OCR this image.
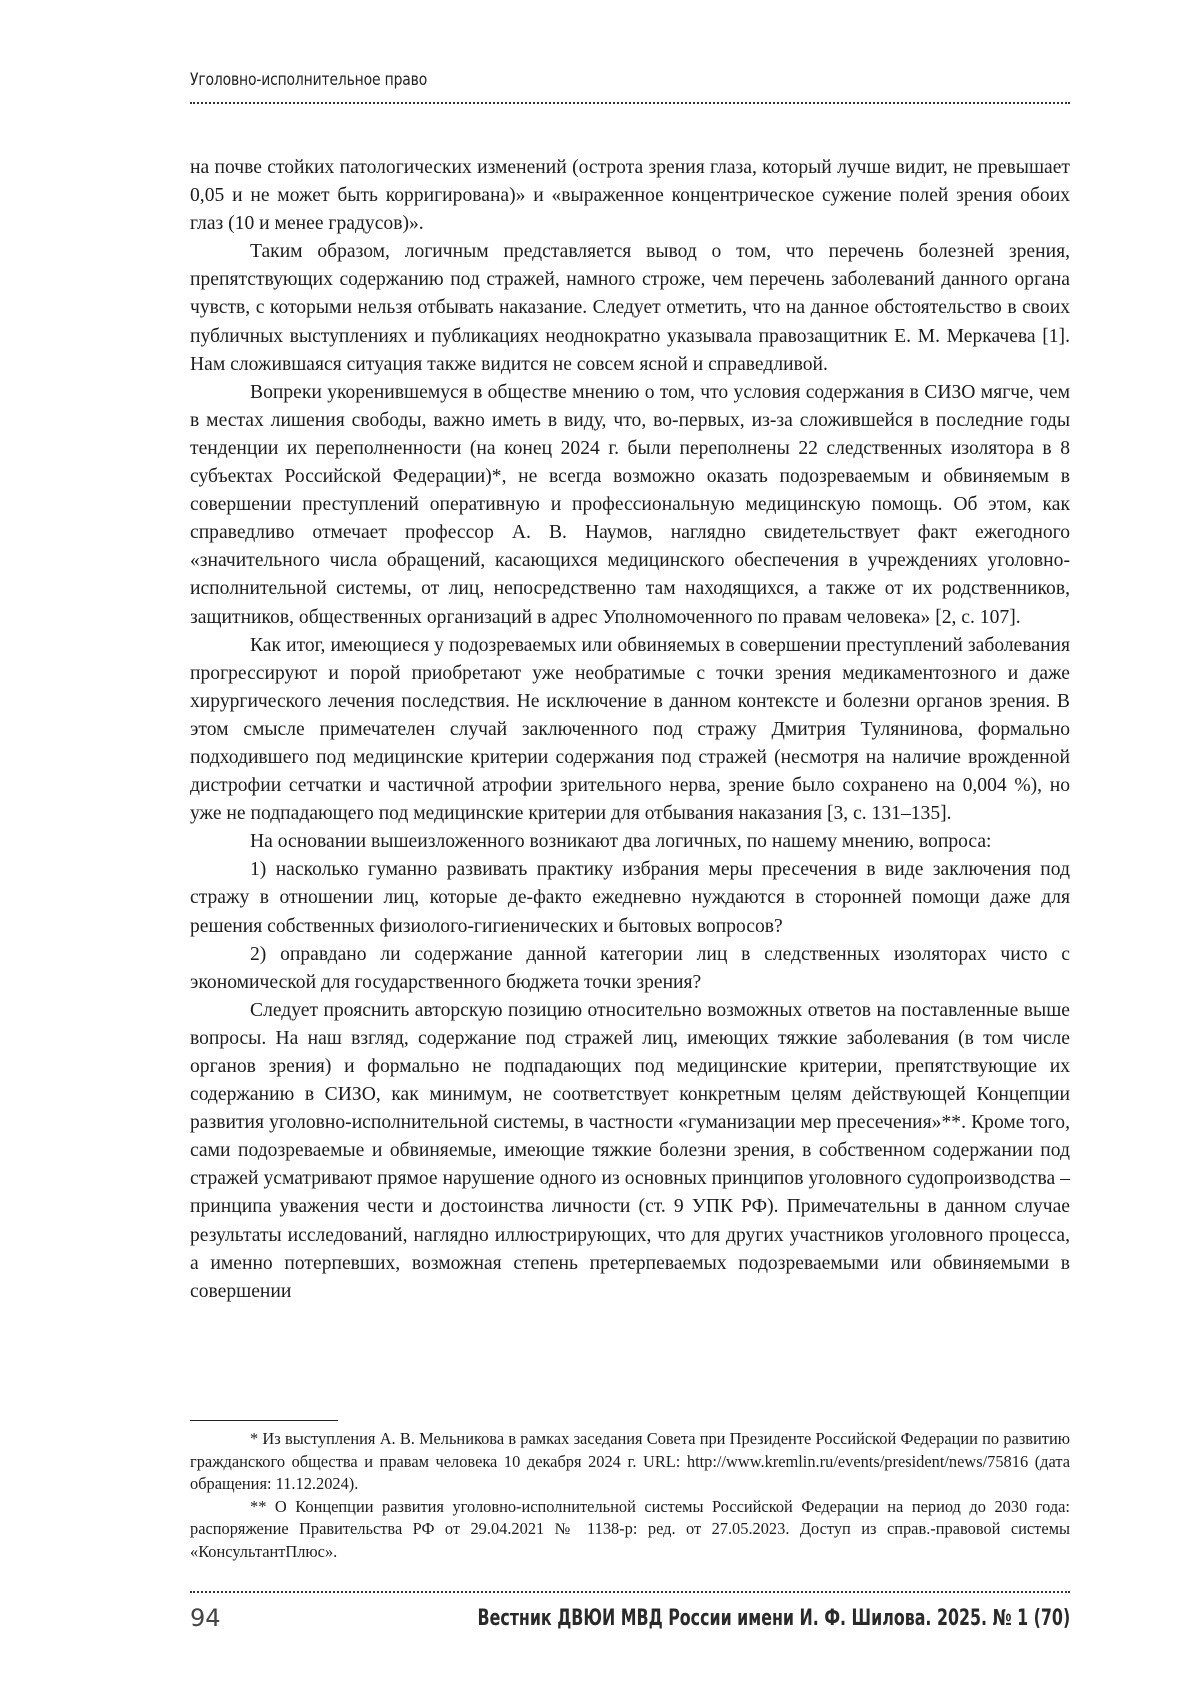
Уголовно-исполнительное право

на почве стойких патологических изменений (острота зрения глаза, который лучше видит, не превышает 0,05 и не может быть корригирована)» и «выраженное концентрическое сужение полей зрения обоих глаз (10 и менее градусов)».

Таким образом, логичным представляется вывод о том, что перечень болезней зрения, препятствующих содержанию под стражей, намного строже, чем перечень заболеваний данного органа чувств, с которыми нельзя отбывать наказание. Следует отметить, что на данное обстоятельство в своих публичных выступлениях и публикациях неоднократно указывала правозащитник Е. М. Меркачева [1]. Нам сложившаяся ситуация также видится не совсем ясной и справедливой.

Вопреки укоренившемуся в обществе мнению о том, что условия содержания в СИЗО мягче, чем в местах лишения свободы, важно иметь в виду, что, во-первых, из-за сложившейся в последние годы тенденции их переполненности (на конец 2024 г. были переполнены 22 следственных изолятора в 8 субъектах Российской Федерации)*, не всегда возможно оказать подозреваемым и обвиняемым в совершении преступлений оперативную и профессиональную медицинскую помощь. Об этом, как справедливо отмечает профессор А. В. Наумов, наглядно свидетельствует факт ежегодного «значительного числа обращений, касающихся медицинского обеспечения в учреждениях уголовно-исполнительной системы, от лиц, непосредственно там находящихся, а также от их родственников, защитников, общественных организаций в адрес Уполномоченного по правам человека» [2, с. 107].

Как итог, имеющиеся у подозреваемых или обвиняемых в совершении преступлений заболевания прогрессируют и порой приобретают уже необратимые с точки зрения медикаментозного и даже хирургического лечения последствия. Не исключение в данном контексте и болезни органов зрения. В этом смысле примечателен случай заключенного под стражу Дмитрия Тулянинова, формально подходившего под медицинские критерии содержания под стражей (несмотря на наличие врожденной дистрофии сетчатки и частичной атрофии зрительного нерва, зрение было сохранено на 0,004 %), но уже не подпадающего под медицинские критерии для отбывания наказания [3, с. 131–135].

На основании вышеизложенного возникают два логичных, по нашему мнению, вопроса:

1) насколько гуманно развивать практику избрания меры пресечения в виде заключения под стражу в отношении лиц, которые де-факто ежедневно нуждаются в сторонней помощи даже для решения собственных физиолого-гигиенических и бытовых вопросов?

2) оправдано ли содержание данной категории лиц в следственных изоляторах чисто с экономической для государственного бюджета точки зрения?

Следует прояснить авторскую позицию относительно возможных ответов на поставленные выше вопросы. На наш взгляд, содержание под стражей лиц, имеющих тяжкие заболевания (в том числе органов зрения) и формально не подпадающих под медицинские критерии, препятствующие их содержанию в СИЗО, как минимум, не соответствует конкретным целям действующей Концепции развития уголовно-исполнительной системы, в частности «гуманизации мер пресечения»**. Кроме того, сами подозреваемые и обвиняемые, имеющие тяжкие болезни зрения, в собственном содержании под стражей усматривают прямое нарушение одного из основных принципов уголовного судопроизводства – принципа уважения чести и достоинства личности (ст. 9 УПК РФ). Примечательны в данном случае результаты исследований, наглядно иллюстрирующих, что для других участников уголовного процесса, а именно потерпевших, возможная степень претерпеваемых подозреваемыми или обвиняемыми в совершении

* Из выступления А. В. Мельникова в рамках заседания Совета при Президенте Российской Федерации по развитию гражданского общества и правам человека 10 декабря 2024 г. URL: http://www.kremlin.ru/events/president/news/75816 (дата обращения: 11.12.2024).

** О Концепции развития уголовно-исполнительной системы Российской Федерации на период до 2030 года: распоряжение Правительства РФ от 29.04.2021 № 1138-р: ред. от 27.05.2023. Доступ из справ.-правовой системы «КонсультантПлюс».

94	Вестник ДВЮИ МВД России имени И. Ф. Шилова. 2025. № 1 (70)
